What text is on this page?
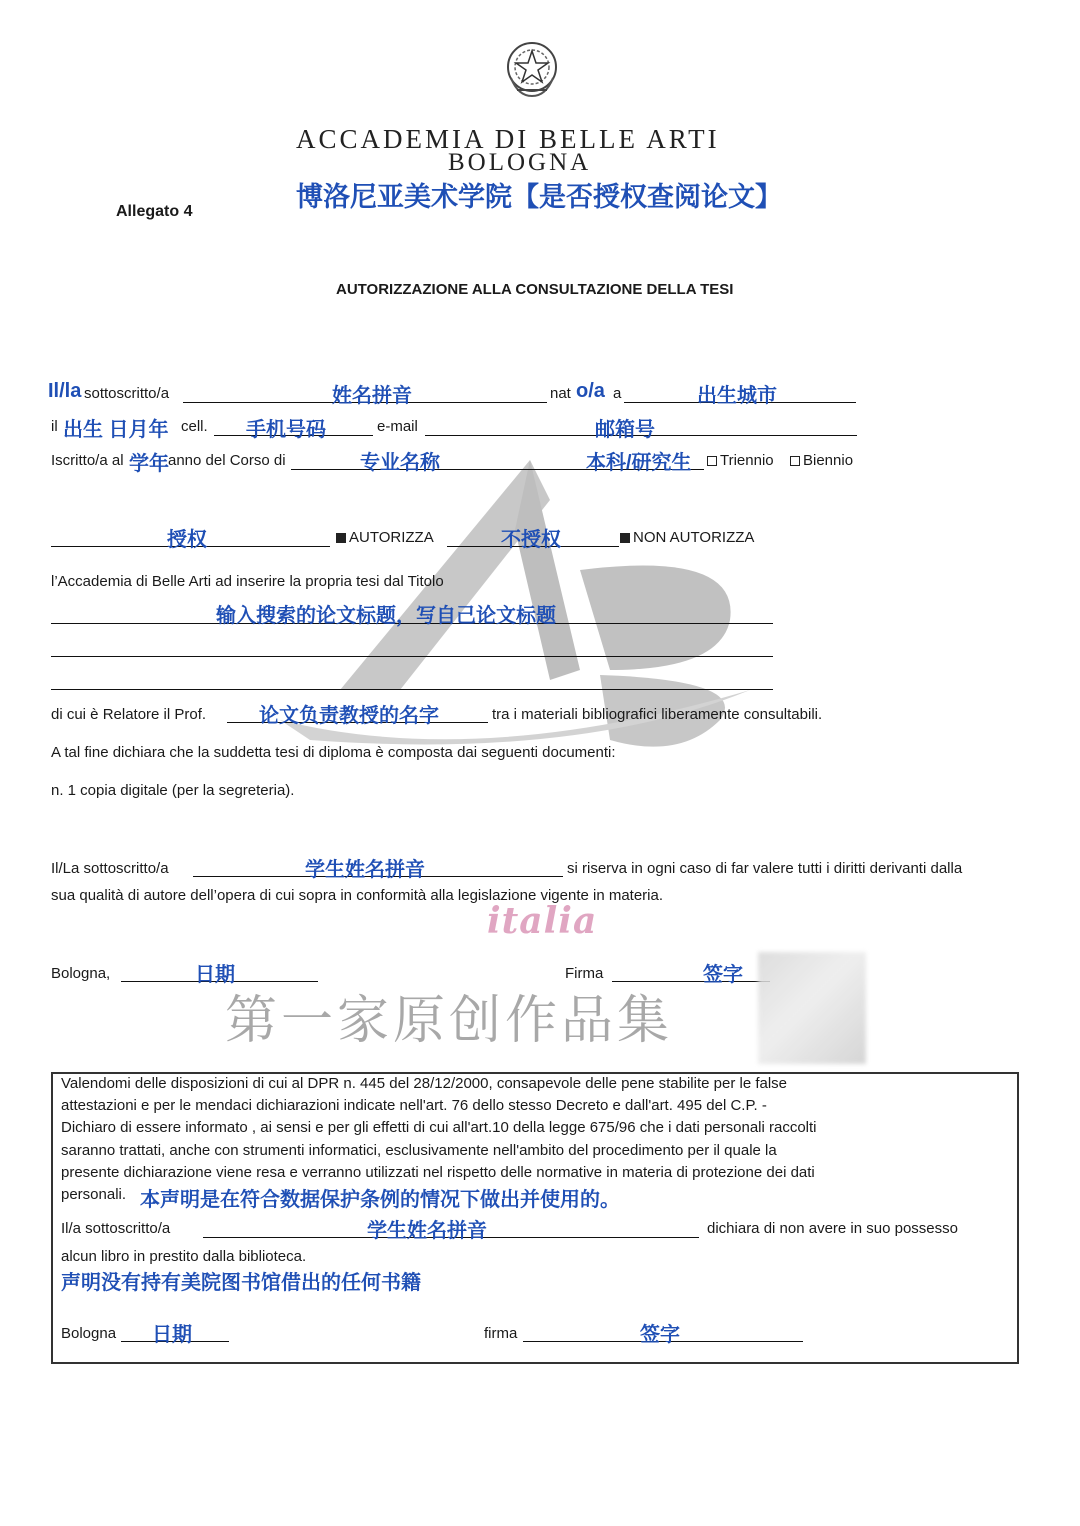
ACCADEMIA DI BELLE ARTI
BOLOGNA
博洛尼亚美术学院【是否授权查阅论文】
Allegato 4
AUTORIZZAZIONE ALLA CONSULTAZIONE DELLA TESI
Il/la sottoscritto/a	姓名拼音	nat o/a a	出生城市
il 出生 日月年 cell. 手机号码	e-mail	邮箱号
Iscritto/a al 学年 anno del Corso di	专业名称	本科/研究生	Triennio	Biennio
授权	AUTORIZZA	不授权	NON AUTORIZZA
l’Accademia di Belle Arti ad inserire la propria tesi dal Titolo
输入搜索的论文标题，写自己论文标题
di cui è Relatore il Prof.	论文负责教授的名字	tra i materiali bibliografici liberamente consultabili.
A tal fine dichiara che la suddetta tesi di diploma è composta dai seguenti documenti:
n. 1 copia digitale (per la segreteria).
Il/La sottoscritto/a	学生姓名拼音	si riserva in ogni caso di far valere tutti i diritti derivanti dalla
sua qualità di autore dell’opera di cui sopra in conformità alla legislazione vigente in materia.
italia
Bologna,	日期	Firma	签字
第一家原创作品集
Valendomi delle disposizioni di cui al DPR n. 445 del 28/12/2000, consapevole delle pene stabilite per le false
attestazioni e per le mendaci dichiarazioni indicate nell'art. 76 dello stesso Decreto e dall'art. 495 del C.P. -
Dichiaro di essere informato , ai sensi e per gli effetti di cui all'art.10 della legge 675/96 che i dati personali raccolti
saranno trattati, anche con strumenti informatici, esclusivamente nell'ambito del procedimento per il quale la
presente dichiarazione viene resa e verranno utilizzati nel rispetto delle normative in materia di protezione dei dati
personali. 本声明是在符合数据保护条例的情况下做出并使用的。
Il/a sottoscritto/a	学生姓名拼音	dichiara di non avere in suo possesso
alcun libro in prestito dalla biblioteca.
声明没有持有美院图书馆借出的任何书籍
Bologna 日期	firma	签字
